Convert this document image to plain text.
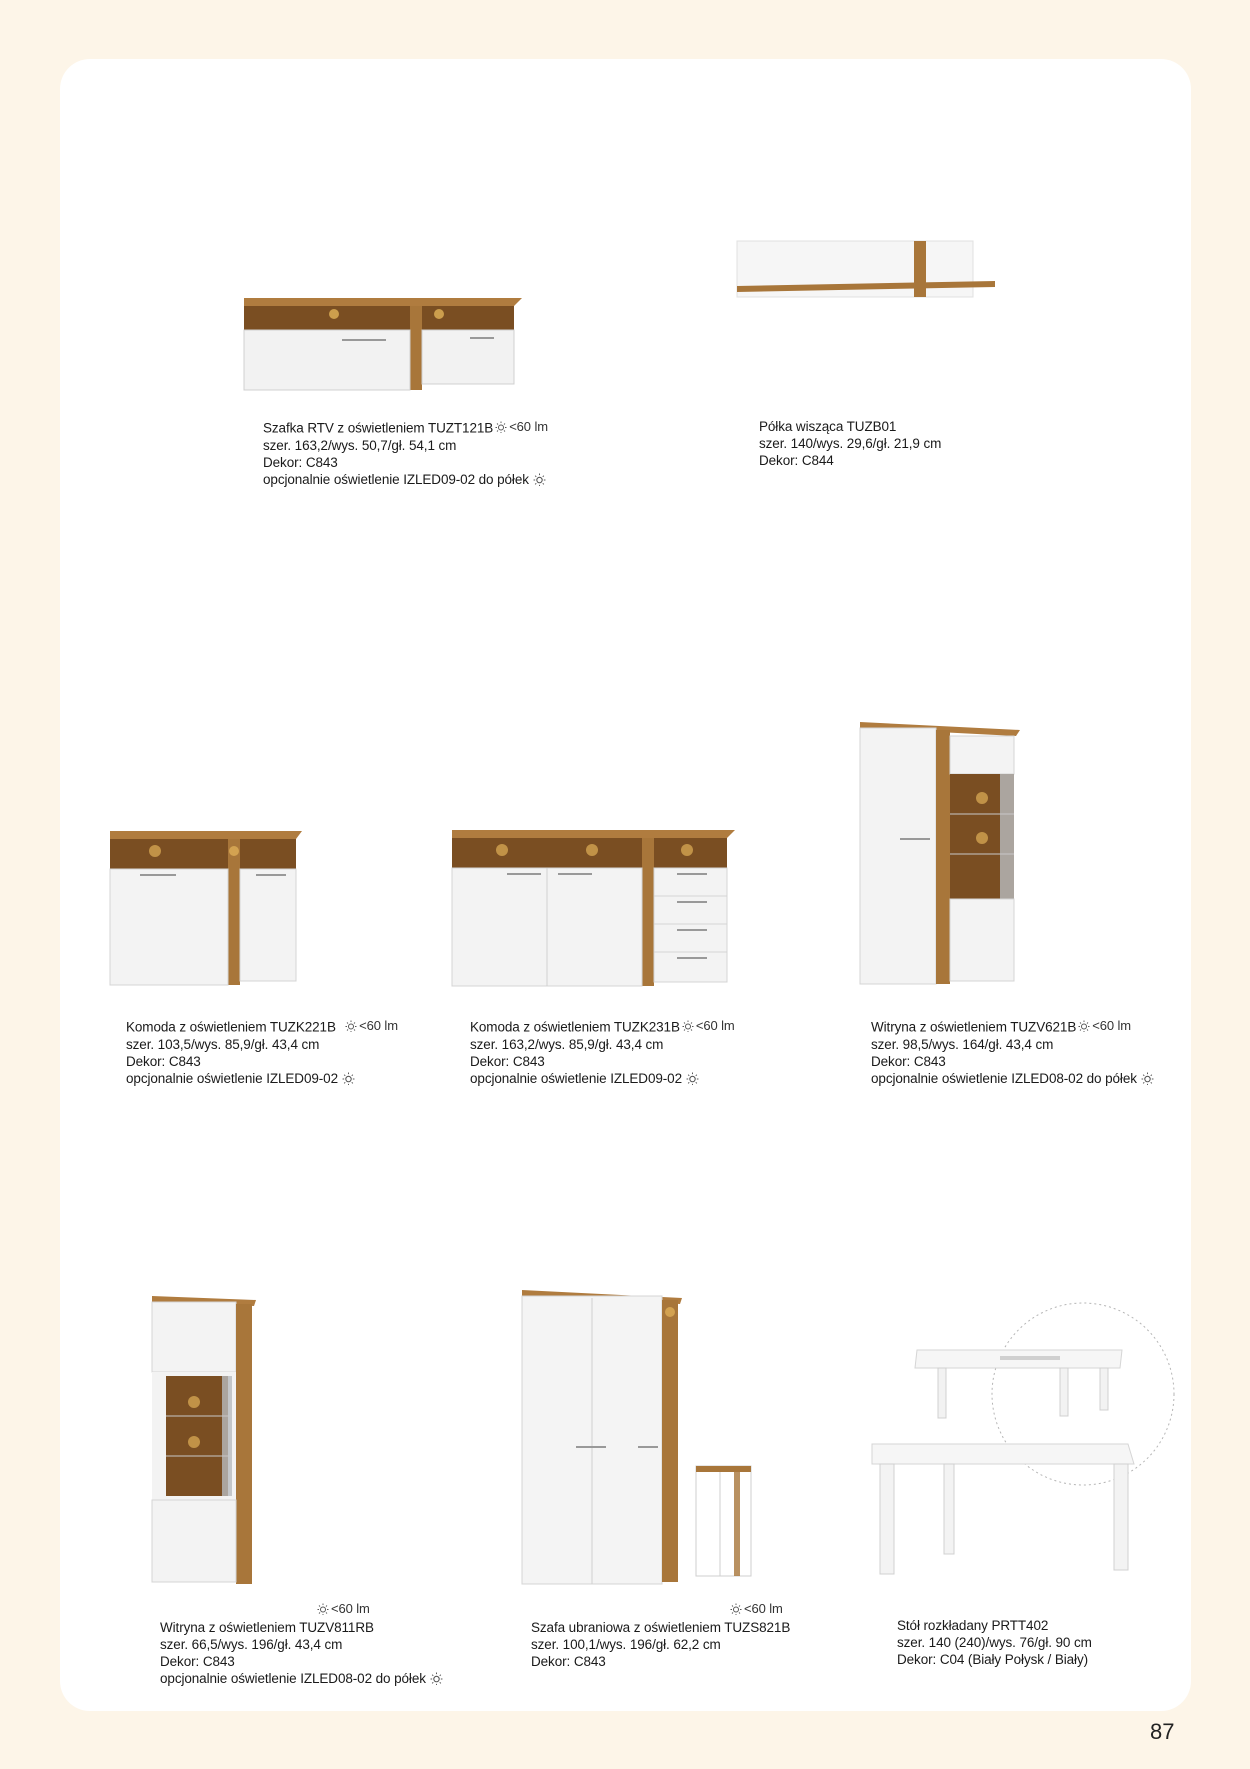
Szafka RTV z oświetleniem TUZT121B <60 lm
szer. 163,2/wys. 50,7/gł. 54,1 cm
Dekor: C843
opcjonalnie oświetlenie IZLED09-02 do półek
Półka wisząca TUZB01
szer. 140/wys. 29,6/gł. 21,9 cm
Dekor: C844
Komoda z oświetleniem TUZK221B <60 lm
szer. 103,5/wys. 85,9/gł. 43,4 cm
Dekor: C843
opcjonalnie oświetlenie IZLED09-02
Komoda z oświetleniem TUZK231B <60 lm
szer. 163,2/wys. 85,9/gł. 43,4 cm
Dekor: C843
opcjonalnie oświetlenie IZLED09-02
Witryna z oświetleniem TUZV621B <60 lm
szer. 98,5/wys. 164/gł. 43,4 cm
Dekor: C843
opcjonalnie oświetlenie IZLED08-02 do półek
<60 lm
Witryna z oświetleniem TUZV811RB
szer. 66,5/wys. 196/gł. 43,4 cm
Dekor: C843
opcjonalnie oświetlenie IZLED08-02 do półek
<60 lm
Szafa ubraniowa z oświetleniem TUZS821B
szer. 100,1/wys. 196/gł. 62,2 cm
Dekor: C843
Stół rozkładany PRTT402
szer. 140 (240)/wys. 76/gł. 90 cm
Dekor: C04 (Biały Połysk / Biały)
87
